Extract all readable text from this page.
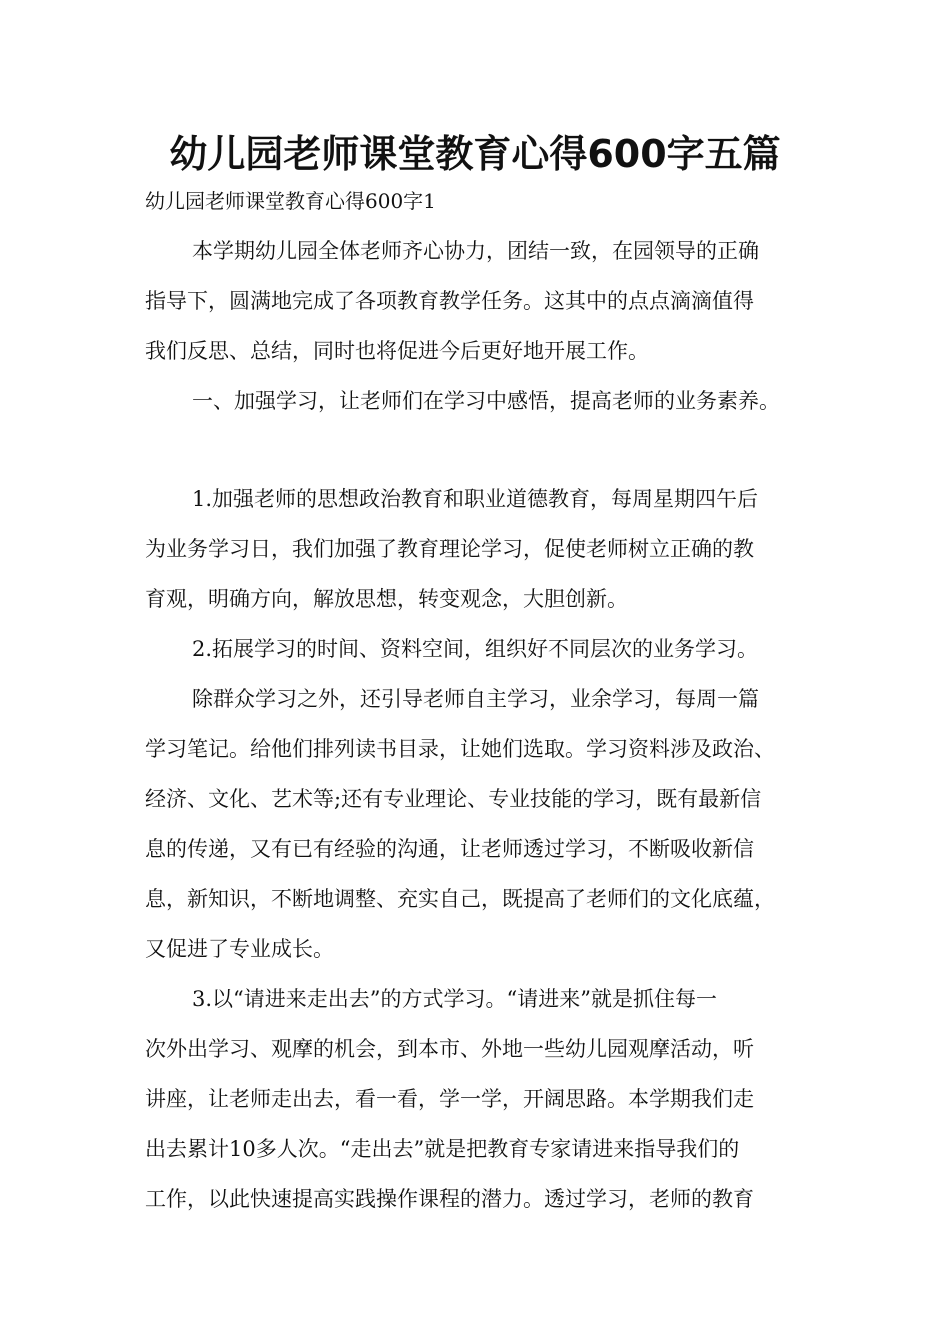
幼儿园老师课堂教育心得600字五篇
幼儿园老师课堂教育心得600字1
本学期幼儿园全体老师齐心协力，团结一致，在园领导的正确
指导下，圆满地完成了各项教育教学任务。这其中的点点滴滴值得
我们反思、总结，同时也将促进今后更好地开展工作。
一、加强学习，让老师们在学习中感悟，提高老师的业务素养。
1.加强老师的思想政治教育和职业道德教育，每周星期四午后
为业务学习日，我们加强了教育理论学习，促使老师树立正确的教
育观，明确方向，解放思想，转变观念，大胆创新。
2.拓展学习的时间、资料空间，组织好不同层次的业务学习。
除群众学习之外，还引导老师自主学习，业余学习，每周一篇
学习笔记。给他们排列读书目录，让她们选取。学习资料涉及政治、
经济、文化、艺术等;还有专业理论、专业技能的学习，既有最新信
息的传递，又有已有经验的沟通，让老师透过学习，不断吸收新信
息，新知识，不断地调整、充实自己，既提高了老师们的文化底蕴，
又促进了专业成长。
3.以“请进来走出去”的方式学习。“请进来”就是抓住每一
次外出学习、观摩的机会，到本市、外地一些幼儿园观摩活动，听
讲座，让老师走出去，看一看，学一学，开阔思路。本学期我们走
出去累计10多人次。“走出去”就是把教育专家请进来指导我们的
工作，以此快速提高实践操作课程的潜力。透过学习，老师的教育
